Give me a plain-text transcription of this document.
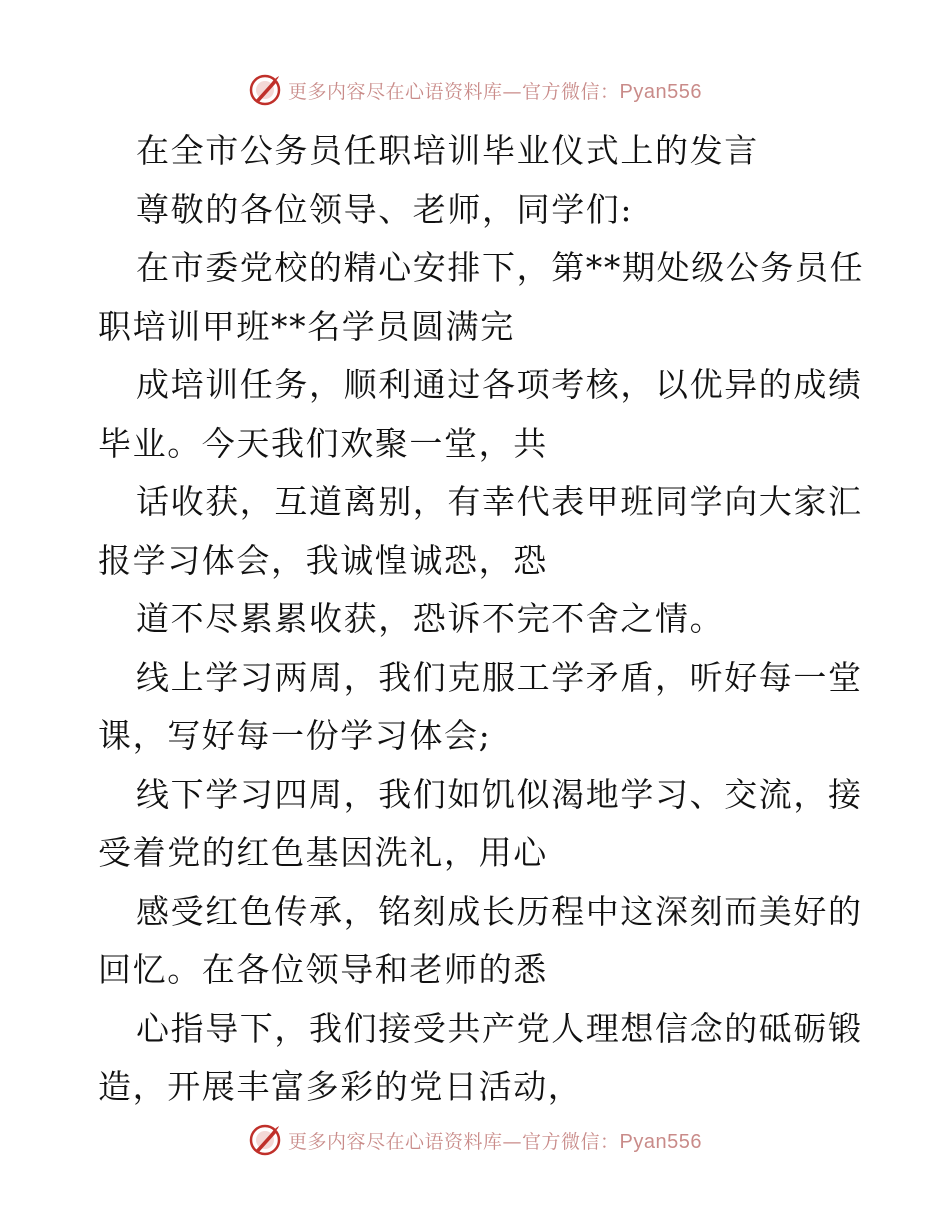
更多内容尽在心语资料库—官方微信：Pyan556

在全市公务员任职培训毕业仪式上的发言

尊敬的各位领导、老师，同学们:

在市委党校的精心安排下，第**期处级公务员任

职培训甲班**名学员圆满完

成培训任务，顺利通过各项考核，以优异的成绩

毕业。今天我们欢聚一堂，共

话收获，互道离别，有幸代表甲班同学向大家汇

报学习体会，我诚惶诚恐，恐

道不尽累累收获，恐诉不完不舍之情。

线上学习两周，我们克服工学矛盾，听好每一堂

课，写好每一份学习体会;

线下学习四周，我们如饥似渴地学习、交流，接

受着党的红色基因洗礼，用心

感受红色传承，铭刻成长历程中这深刻而美好的

回忆。在各位领导和老师的悉

心指导下，我们接受共产党人理想信念的砥砺锻

造，开展丰富多彩的党日活动，

更多内容尽在心语资料库—官方微信：Pyan556
